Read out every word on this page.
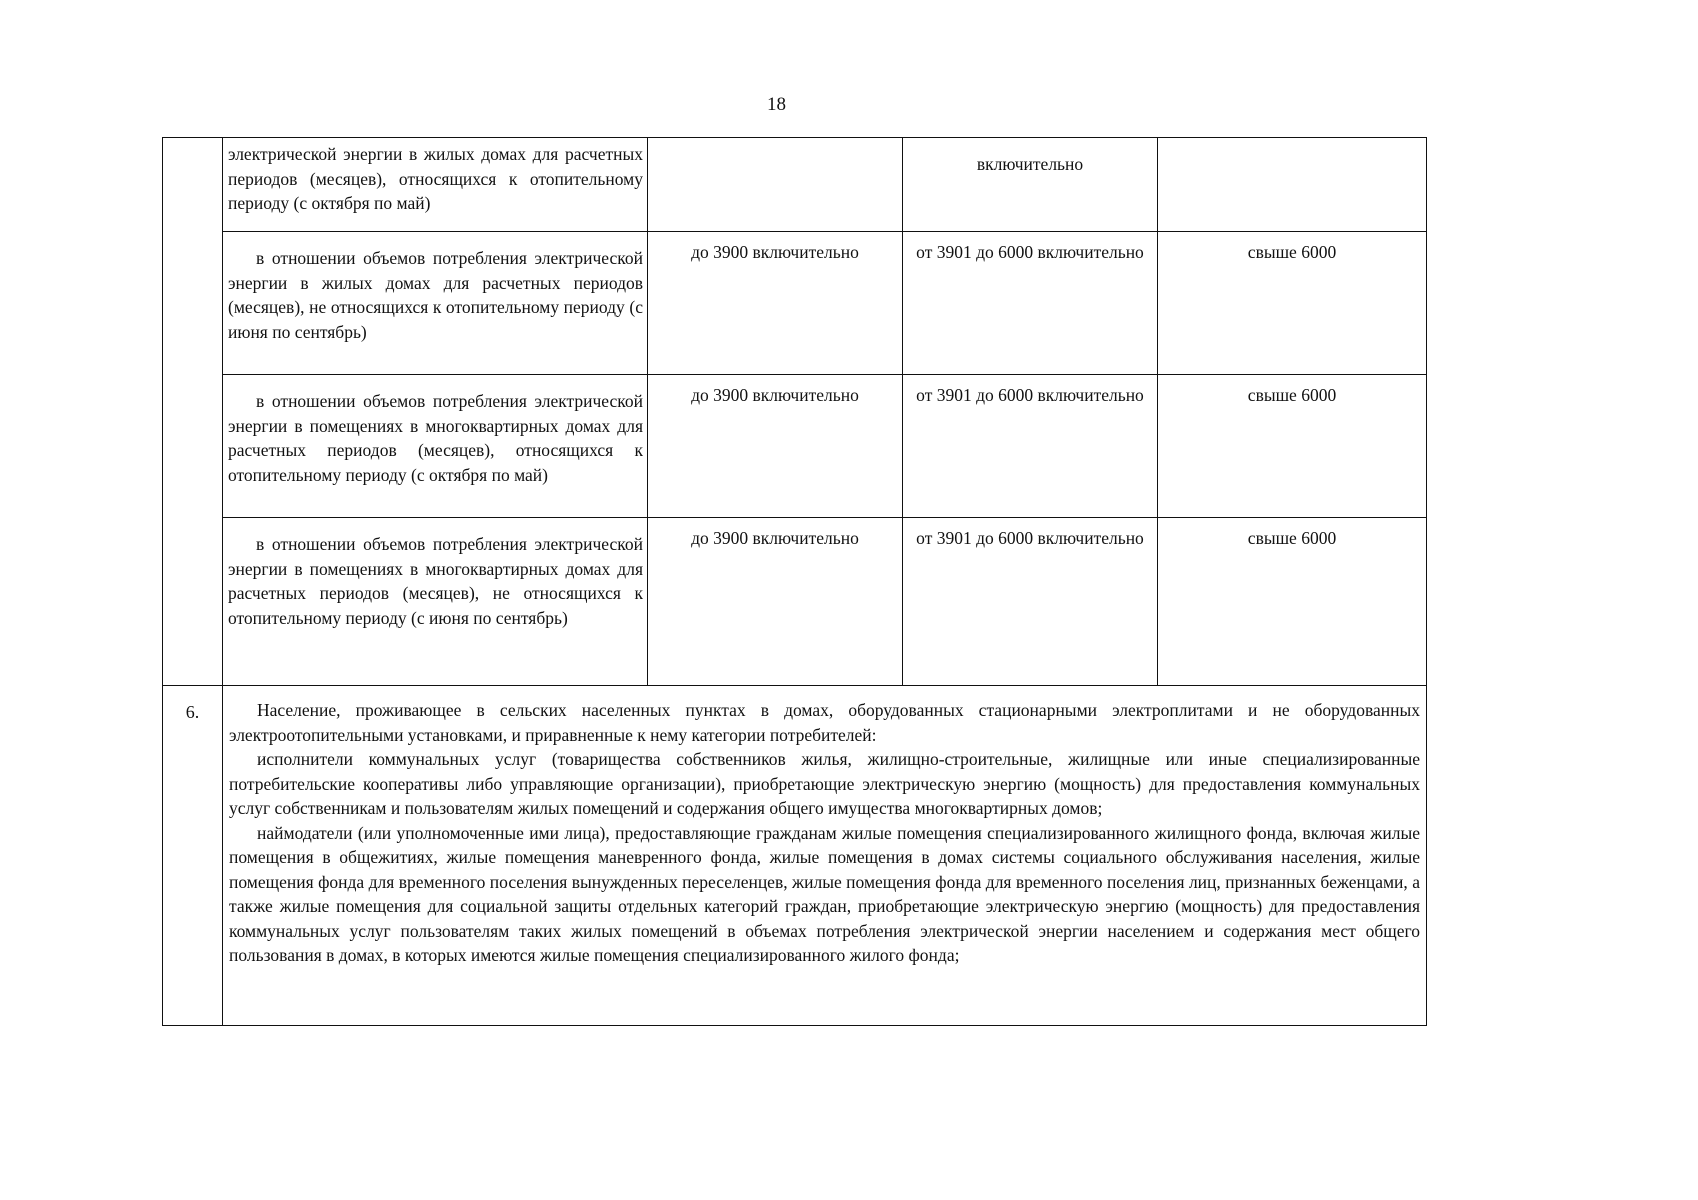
18
	электрической энергии в жилых домах для расчетных периодов (месяцев), относящихся к отопительному периоду (с октября по май)		включительно	
	в отношении объемов потребления электрической энергии в жилых домах для расчетных периодов (месяцев), не относящихся к отопительному периоду (с июня по сентябрь)	до 3900 включительно	от 3901 до 6000 включительно	свыше 6000
	в отношении объемов потребления электрической энергии в помещениях в многоквартирных домах для расчетных периодов (месяцев), относящихся к отопительному периоду (с октября по май)	до 3900 включительно	от 3901 до 6000 включительно	свыше 6000
	в отношении объемов потребления электрической энергии в помещениях в многоквартирных домах для расчетных периодов (месяцев), не относящихся к отопительному периоду (с июня по сентябрь)	до 3900 включительно	от 3901 до 6000 включительно	свыше 6000
6.	Население, проживающее в сельских населенных пунктах в домах, оборудованных стационарными электроплитами и не оборудованных электроотопительными установками, и приравненные к нему категории потребителей:

исполнители коммунальных услуг (товарищества собственников жилья, жилищно-строительные, жилищные или иные специализированные потребительские кооперативы либо управляющие организации), приобретающие электрическую энергию (мощность) для предоставления коммунальных услуг собственникам и пользователям жилых помещений и содержания общего имущества многоквартирных домов;

наймодатели (или уполномоченные ими лица), предоставляющие гражданам жилые помещения специализированного жилищного фонда, включая жилые помещения в общежитиях, жилые помещения маневренного фонда, жилые помещения в домах системы социального обслуживания населения, жилые помещения фонда для временного поселения вынужденных переселенцев, жилые помещения фонда для временного поселения лиц, признанных беженцами, а также жилые помещения для социальной защиты отдельных категорий граждан, приобретающие электрическую энергию (мощность) для предоставления коммунальных услуг пользователям таких жилых помещений в объемах потребления электрической энергии населением и содержания мест общего пользования в домах, в которых имеются жилые помещения специализированного жилого фонда;			
